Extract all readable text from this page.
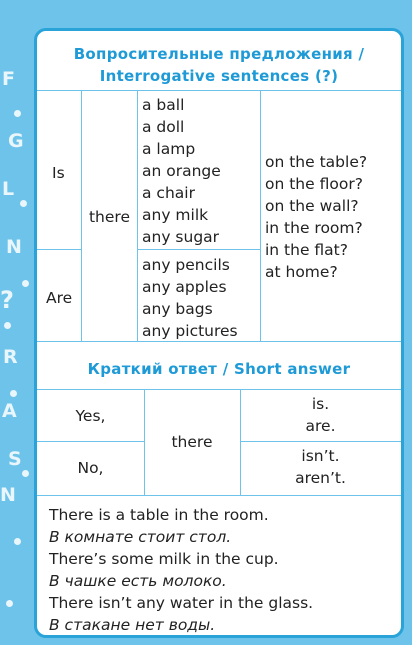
F
G
L
N
?
R
A
S
N
Вопросительные предложения /
Interrogative sentences (?)
Is
Are
there
a ball
a doll
a lamp
an orange
a chair
any milk
any sugar
any pencils
any apples
any bags
any pictures
on the table?
on the floor?
on the wall?
in the room?
in the flat?
at home?
Краткий ответ / Short answer
Yes,
No,
there
is.
are.
isn’t.
aren’t.
There is a table in the room.
В комнате стоит стол.
There’s some milk in the cup.
В чашке есть молоко.
There isn’t any water in the glass.
В стакане нет воды.
